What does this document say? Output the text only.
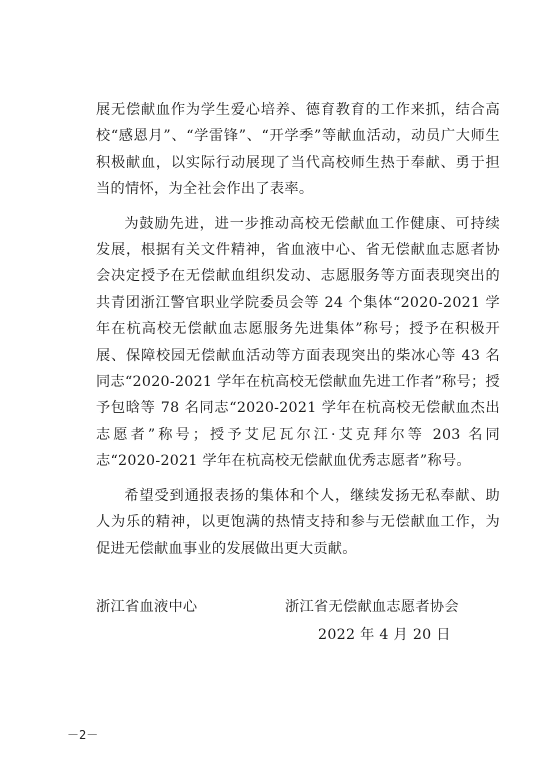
展无偿献血作为学生爱心培养、德育教育的工作来抓，结合高校“感恩月”、“学雷锋”、“开学季”等献血活动，动员广大师生积极献血，以实际行动展现了当代高校师生热于奉献、勇于担当的情怀，为全社会作出了表率。

为鼓励先进，进一步推动高校无偿献血工作健康、可持续发展，根据有关文件精神，省血液中心、省无偿献血志愿者协会决定授予在无偿献血组织发动、志愿服务等方面表现突出的共青团浙江警官职业学院委员会等 24 个集体“2020-2021 学年在杭高校无偿献血志愿服务先进集体”称号；授予在积极开展、保障校园无偿献血活动等方面表现突出的柴冰心等 43 名同志“2020-2021 学年在杭高校无偿献血先进工作者”称号；授予包晗等 78 名同志“2020-2021 学年在杭高校无偿献血杰出志愿者”称号；授予艾尼瓦尔江·艾克拜尔等 203 名同志“2020-2021 学年在杭高校无偿献血优秀志愿者”称号。

希望受到通报表扬的集体和个人，继续发扬无私奉献、助人为乐的精神，以更饱满的热情支持和参与无偿献血工作，为促进无偿献血事业的发展做出更大贡献。

浙江省血液中心	浙江省无偿献血志愿者协会
2022 年 4 月 20 日
－2－
